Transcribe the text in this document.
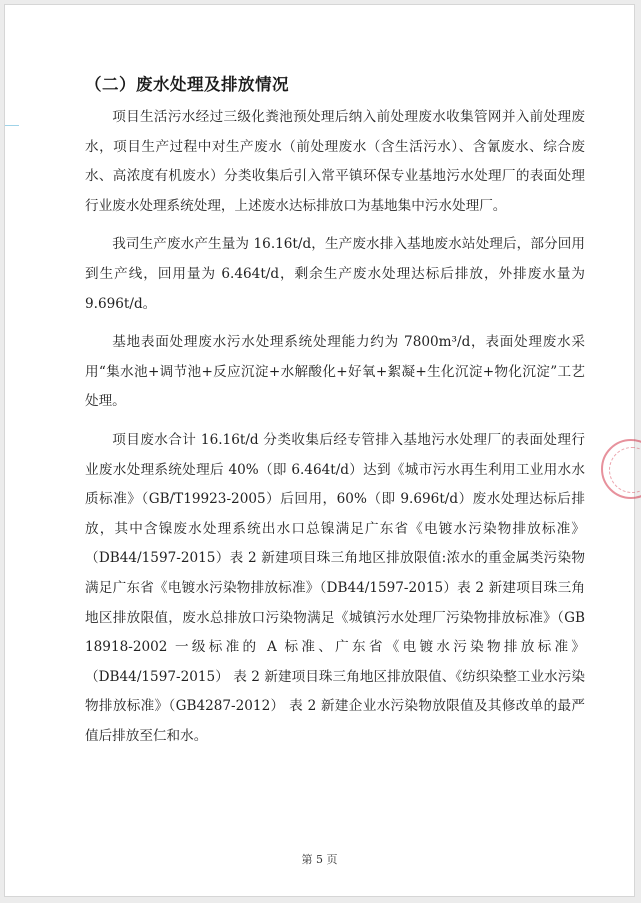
（二）废水处理及排放情况

项目生活污水经过三级化粪池预处理后纳入前处理废水收集管网并入前处理废水，项目生产过程中对生产废水（前处理废水（含生活污水）、含氰废水、综合废水、高浓度有机废水）分类收集后引入常平镇环保专业基地污水处理厂的表面处理行业废水处理系统处理，上述废水达标排放口为基地集中污水处理厂。

我司生产废水产生量为 16.16t/d，生产废水排入基地废水站处理后，部分回用到生产线，回用量为 6.464t/d，剩余生产废水处理达标后排放，外排废水量为 9.696t/d。

基地表面处理废水污水处理系统处理能力约为 7800m³/d，表面处理废水采用“集水池+调节池+反应沉淀+水解酸化+好氧+絮凝+生化沉淀+物化沉淀”工艺处理。

项目废水合计 16.16t/d 分类收集后经专管排入基地污水处理厂的表面处理行业废水处理系统处理后 40%（即 6.464t/d）达到《城市污水再生利用工业用水水质标准》（GB/T19923-2005）后回用，60%（即 9.696t/d）废水处理达标后排放，其中含镍废水处理系统出水口总镍满足广东省《电镀水污染物排放标准》（DB44/1597-2015）表 2 新建项目珠三角地区排放限值:浓水的重金属类污染物满足广东省《电镀水污染物排放标准》（DB44/1597-2015）表 2 新建项目珠三角地区排放限值，废水总排放口污染物满足《城镇污水处理厂污染物排放标准》（GB 18918-2002 一级标准的 A 标准、广东省《电镀水污染物排放标准》（DB44/1597-2015） 表 2 新建项目珠三角地区排放限值、《纺织染整工业水污染物排放标准》（GB4287-2012） 表 2 新建企业水污染物放限值及其修改单的最严值后排放至仁和水。

第 5 页
